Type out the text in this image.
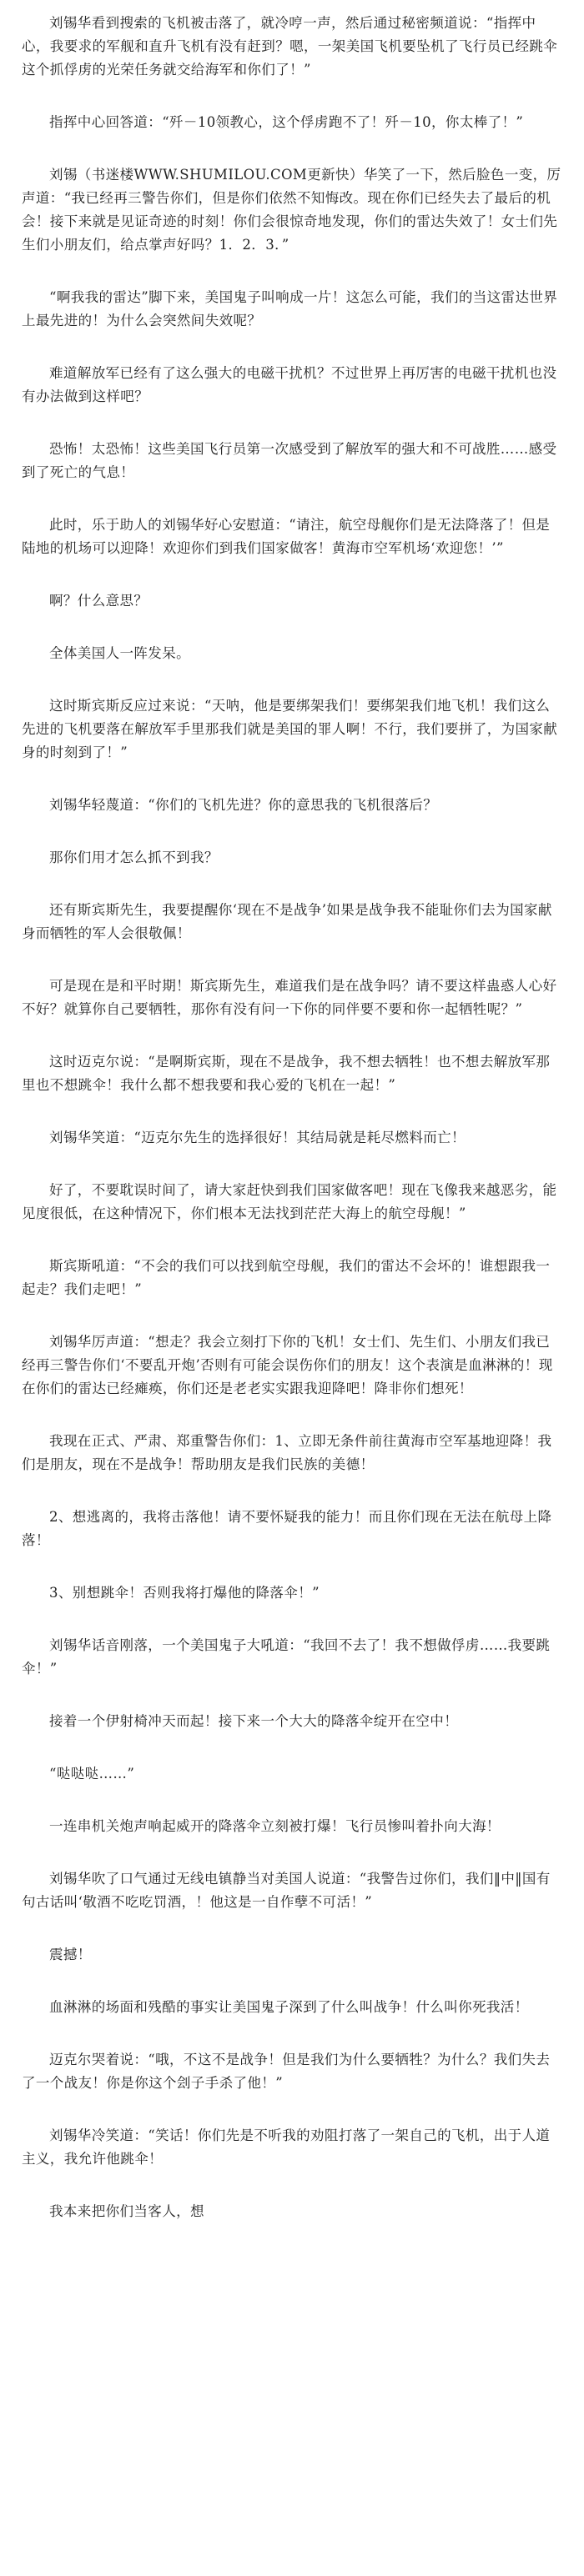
刘锡华看到搜索的飞机被击落了，就冷哼一声，然后通过秘密频道说：“指挥中心，我要求的军舰和直升飞机有没有赶到？嗯，一架美国飞机要坠机了飞行员已经跳伞这个抓俘虏的光荣任务就交给海军和你们了！”

指挥中心回答道：“歼－10领教心，这个俘虏跑不了！歼－10，你太棒了！”

刘锡（书迷楼WWW.SHUMILOU.COM更新快）华笑了一下，然后脸色一变，厉声道：“我已经再三警告你们，但是你们依然不知悔改。现在你们已经失去了最后的机会！接下来就是见证奇迹的时刻！你们会很惊奇地发现，你们的雷达失效了！女士们先生们小朋友们，给点掌声好吗？1．2．3．”

“啊我我的雷达”脚下来，美国鬼子叫响成一片！这怎么可能，我们的当这雷达世界上最先进的！为什么会突然间失效呢？

难道解放军已经有了这么强大的电磁干扰机？不过世界上再厉害的电磁干扰机也没有办法做到这样吧？

恐怖！太恐怖！这些美国飞行员第一次感受到了解放军的强大和不可战胜……感受到了死亡的气息！

此时，乐于助人的刘锡华好心安慰道：“请注，航空母舰你们是无法降落了！但是陆地的机场可以迎降！欢迎你们到我们国家做客！黄海市空军机场‘欢迎您！’”

啊？什么意思？

全体美国人一阵发呆。

这时斯宾斯反应过来说：“天呐，他是要绑架我们！要绑架我们地飞机！我们这么先进的飞机要落在解放军手里那我们就是美国的罪人啊！不行，我们要拼了，为国家献身的时刻到了！”

刘锡华轻蔑道：“你们的飞机先进？你的意思我的飞机很落后？

那你们用才怎么抓不到我？

还有斯宾斯先生，我要提醒你‘现在不是战争’如果是战争我不能耻你们去为国家献身而牺牲的军人会很敬佩！

可是现在是和平时期！斯宾斯先生，难道我们是在战争吗？请不要这样蛊惑人心好不好？就算你自己要牺牲，那你有没有问一下你的同伴要不要和你一起牺牲呢？”

这时迈克尔说：“是啊斯宾斯，现在不是战争，我不想去牺牲！也不想去解放军那里也不想跳伞！我什么都不想我要和我心爱的飞机在一起！”

刘锡华笑道：“迈克尔先生的选择很好！其结局就是耗尽燃料而亡！

好了，不要耽误时间了，请大家赶快到我们国家做客吧！现在飞像我来越恶劣，能见度很低，在这种情况下，你们根本无法找到茫茫大海上的航空母舰！”

斯宾斯吼道：“不会的我们可以找到航空母舰，我们的雷达不会坏的！谁想跟我一起走？我们走吧！”

刘锡华厉声道：“想走？我会立刻打下你的飞机！女士们、先生们、小朋友们我已经再三警告你们‘不要乱开炮’否则有可能会误伤你们的朋友！这个表演是血淋淋的！现在你们的雷达已经瘫痪，你们还是老老实实跟我迎降吧！降非你们想死！

我现在正式、严肃、郑重警告你们：1、立即无条件前往黄海市空军基地迎降！我们是朋友，现在不是战争！帮助朋友是我们民族的美德！

2、想逃离的，我将击落他！请不要怀疑我的能力！而且你们现在无法在航母上降落！

3、别想跳伞！否则我将打爆他的降落伞！”

刘锡华话音刚落，一个美国鬼子大吼道：“我回不去了！我不想做俘虏……我要跳伞！”

接着一个伊射椅冲天而起！接下来一个大大的降落伞绽开在空中！

“哒哒哒……”

一连串机关炮声响起威开的降落伞立刻被打爆！飞行员惨叫着扑向大海！

刘锡华吹了口气通过无线电镇静当对美国人说道：“我警告过你们，我们‖中‖国有句古话叫‘敬酒不吃吃罚酒，！他这是一自作孽不可活！”

震撼！

血淋淋的场面和残酷的事实让美国鬼子深到了什么叫战争！什么叫你死我活！

迈克尔哭着说：“哦，不这不是战争！但是我们为什么要牺牲？为什么？我们失去了一个战友！你是你这个刽子手杀了他！”

刘锡华冷笑道：“笑话！你们先是不听我的劝阻打落了一架自己的飞机，出于人道主义，我允许他跳伞！

我本来把你们当客人，想
